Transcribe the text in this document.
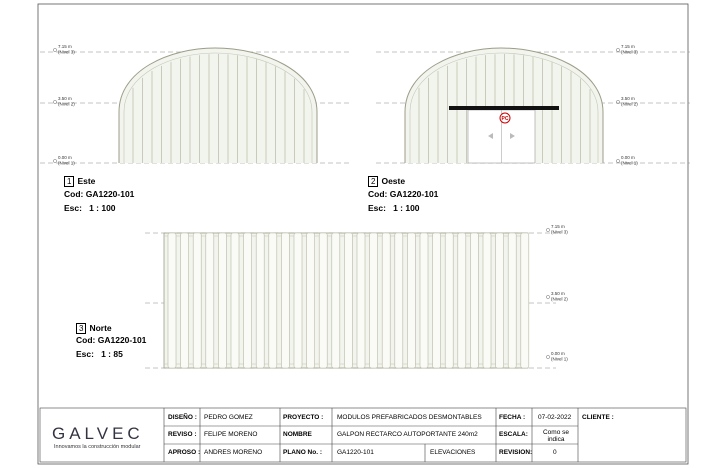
PC
7.15 m
(Nivel 3)
3.50 m
(Nivel 2)
0.00 m
(Nivel 1)
7.15 m
(Nivel 3)
3.50 m
(Nivel 2)
0.00 m
(Nivel 1)
7.15 m
(Nivel 3)
3.50 m
(Nivel 2)
0.00 m
(Nivel 1)
1 Este
Cod: GA1220-101
Esc: 1 : 100
2 Oeste
Cod: GA1220-101
Esc: 1 : 100
3 Norte
Cod: GA1220-101
Esc: 1 : 85
GALVEC
Innovamos la construcción modular
DISEÑO : PEDRO GOMEZ
REVISO : FELIPE MORENO
APROSO : ANDRES MORENO
PROYECTO : MODULOS PREFABRICADOS DESMONTABLES
NOMBRE	GALPON RECTARCO AUTOPORTANTE 240m2
PLANO No. : GA1220-101	ELEVACIONES
FECHA : 07-02-2022
ESCALA:	Como se indica
REVISION:	0
CLIENTE :
